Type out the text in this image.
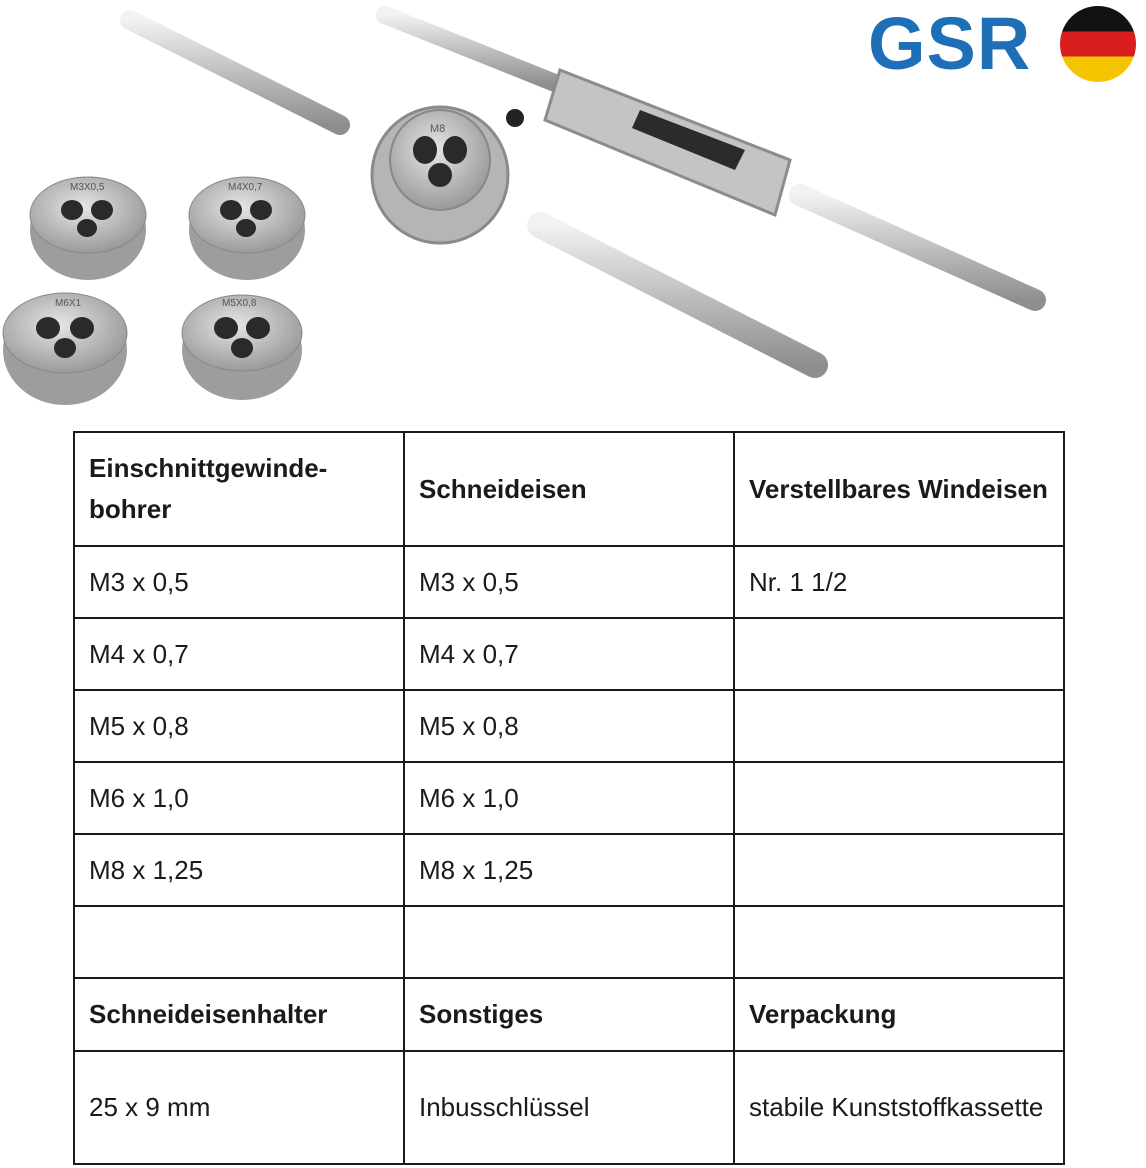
M8
M3X0,5	M4X0,7
M6X1	M5X0,8
GSR
Einschnittgewinde-bohrer	Schneideisen	Verstellbares Windeisen
M3 x 0,5	M3 x 0,5	Nr. 1 1/2
M4 x 0,7	M4 x 0,7	
M5 x 0,8	M5 x 0,8	
M6 x 1,0	M6 x 1,0	
M8 x 1,25	M8 x 1,25	

Schneideisenhalter	Sonstiges	Verpackung
25 x 9 mm	Inbusschlüssel	stabile Kunststoffkassette
